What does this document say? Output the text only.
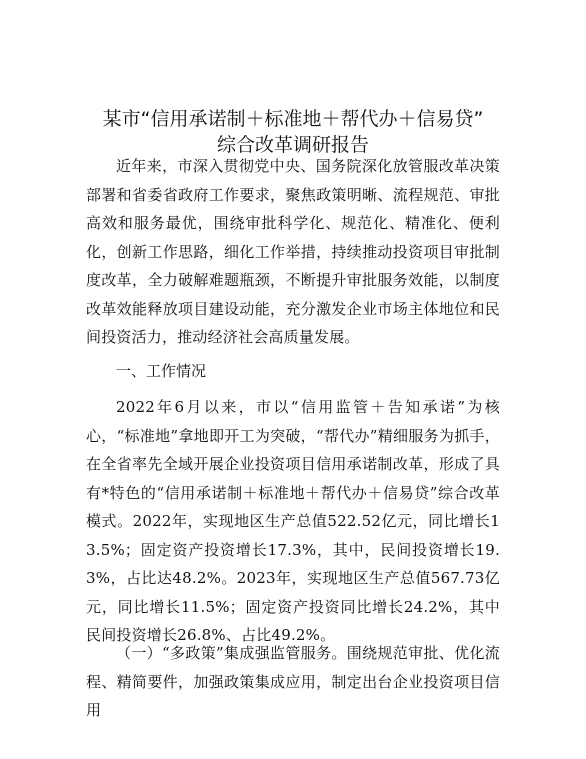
某市“信用承诺制＋标准地＋帮代办＋信易贷”
综合改革调研报告

近年来，市深入贯彻党中央、国务院深化放管服改革决策部署和省委省政府工作要求，聚焦政策明晰、流程规范、审批高效和服务最优，围绕审批科学化、规范化、精准化、便利化，创新工作思路，细化工作举措，持续推动投资项目审批制度改革，全力破解难题瓶颈，不断提升审批服务效能，以制度改革效能释放项目建设动能，充分激发企业市场主体地位和民间投资活力，推动经济社会高质量发展。

一、工作情况

2022年6月以来，市以“信用监管＋告知承诺”为核心，“标准地”拿地即开工为突破，“帮代办”精细服务为抓手，在全省率先全域开展企业投资项目信用承诺制改革，形成了具有*特色的“信用承诺制＋标准地＋帮代办＋信易贷”综合改革模式。2022年，实现地区生产总值522.52亿元，同比增长13.5%；固定资产投资增长17.3%，其中，民间投资增长19.3%，占比达48.2%。2023年，实现地区生产总值567.73亿元，同比增长11.5%；固定资产投资同比增长24.2%，其中民间投资增长26.8%、占比49.2%。

（一）“多政策”集成强监管服务。围绕规范审批、优化流程、精简要件，加强政策集成应用，制定出台企业投资项目信用
